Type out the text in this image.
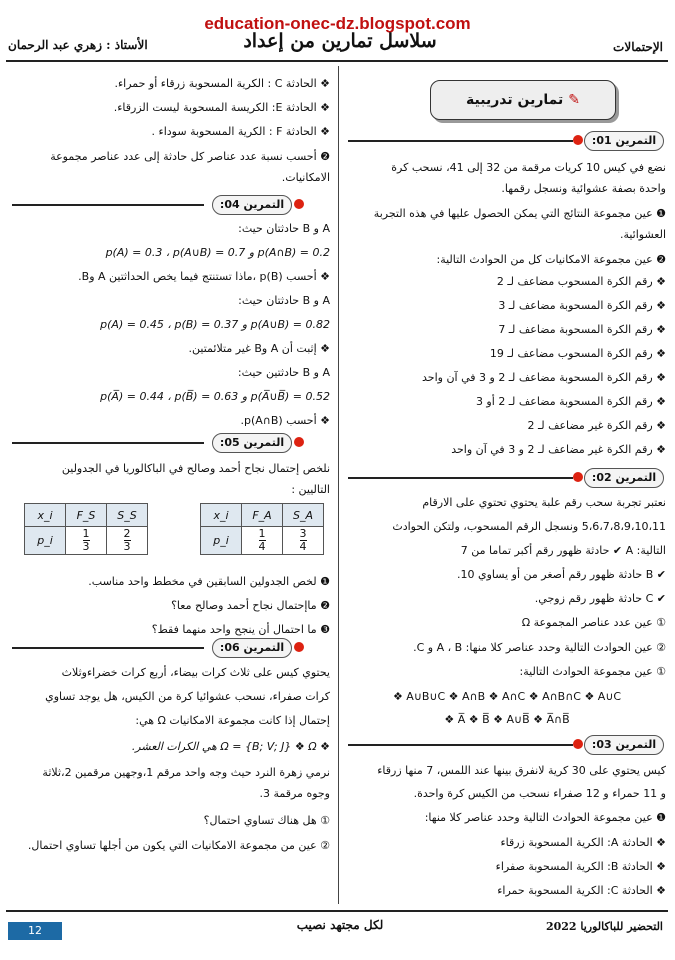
education-onec-dz.blogspot.com
الأستاذ : زهري عبد الرحمان	سلاسل تمارين من إعداد	الإحتمالات
✎ تمارين تدريبية
التمرين 01:
نضع في كيس 10 كريات مرقمة من 32 إلى 41، نسحب كرة
واحدة بصفة عشوائية ونسجل رقمها.
❶ عين مجموعة النتائج التي يمكن الحصول عليها في هذه التجربة
العشوائية.
❷ عين مجموعة الامكانيات كل من الحوادث التالية:
❖ رقم الكرة المسحوب مضاعف لـ 2
❖ رقم الكرة المسحوبة مضاعف لـ 3
❖ رقم الكرة المسحوبة مضاعف لـ 7
❖ رقم الكرة المسحوب مضاعف لـ 19
❖ رقم الكرة المسحوبة مضاعف لـ 2 و 3 في آن واحد
❖ رقم الكرة المسحوبة مضاعف لـ 2 أو 3
❖ رقم الكرة غير مضاعف لـ 2
❖ رقم الكرة غير مضاعف لـ 2 و 3 في آن واحد
التمرين 02:
نعتبر تجربة سحب رقم علبة يحتوي تحتوي على الارقام
5،6،7،8،9،10،11 ونسجل الرقم المسحوب، ولتكن الحوادث
التالية: A ✔ حادثة ظهور رقم أكبر تماما من 7
✔ B حادثة ظهور رقم أصغر من أو يساوي 10.
✔ C حادثة ظهور رقم زوجي.
① عين عدد عناصر المجموعة Ω
② عين الحوادث التالية وحدد عناصر كلا منها: A ، B و C.
① عين مجموعة الحوادث التالية:
❖ A∪B∪C ❖ A∩B ❖ A∩C ❖ A∩B∩C ❖ A∪C
❖ A̅ ❖ B̅ ❖ A∪B̅ ❖ A̅∩B̅
التمرين 03:
كيس يحتوي على 30 كرية لانفرق بينها عند اللمس، 7 منها زرقاء
و 11 حمراء و 12 صفراء نسحب من الكيس كرة واحدة.
❶ عين مجموعة الحوادث التالية وحدد عناصر كلا منها:
❖ الحادثة A: الكرية المسحوبة زرقاء
❖ الحادثة B: الكرية المسحوبة صفراء
❖ الحادثة C: الكرية المسحوبة حمراء
❖ الحادثة C : الكرية المسحوبة زرقاء أو حمراء.
❖ الحادثة E: الكريسة المسحوبة ليست الزرقاء.
❖ الحادثة F : الكرية المسحوبة سوداء .
❷ أحسب نسبة عدد عناصر كل حادثة إلى عدد عناصر مجموعة
الامكانيات.
التمرين 04:
A و B حادثتان حيث:
p(A) = 0.3 ، p(A∪B) = 0.7 و p(A∩B) = 0.2
❖ أحسب p(B) ،ماذا تستنتج فيما يخص الحداثتين A وB.
A و B حادثتان حيث:
p(A) = 0.45 ، p(B) = 0.37 و p(A∪B) = 0.82
❖ إثبت أن A وB غير متلائمتين.
A و B حادثتين حيث:
p(A̅) = 0.44 ، p(B̅) = 0.63 و p(A̅∪B̅) = 0.52
❖ أحسب p(A∩B).
التمرين 05:
نلخص إحتمال نجاح أحمد وصالح في الباكالوريا في الجدولين
التاليين :
x_i	F_S	S_S
p_i	$\frac{1}{3}$	$\frac{2}{3}$
x_i	F_A	S_A
p_i	$\frac{1}{4}$	$\frac{3}{4}$
❶ لخص الجدولين السابقين في مخطط واحد مناسب.
❷ ماإحتمال نجاح أحمد وصالح معا؟
❸ ما احتمال أن ينجح واحد منهما فقط؟
التمرين 06:
يحتوي كيس على ثلاث كرات بيضاء، أربع كرات خضراءوثلاث
كرات صفراء، نسحب عشوائيا كرة من الكيس، هل يوجد تساوي
إحتمال إذا كانت مجموعة الامكانيات Ω هي:
❖ Ω = {B; V; J} ❖ Ω هي الكرات العشر.
نرمي زهرة النرد حيث وجه واحد مرقم 1،وجهين مرقمين 2،ثلاثة
وجوه مرقمة 3.
① هل هناك تساوي احتمال؟
② عين من مجموعة الامكانيات التي يكون من أجلها تساوي احتمال.
12	لكل مجتهد نصيب	التحضير للباكالوريا 2022
